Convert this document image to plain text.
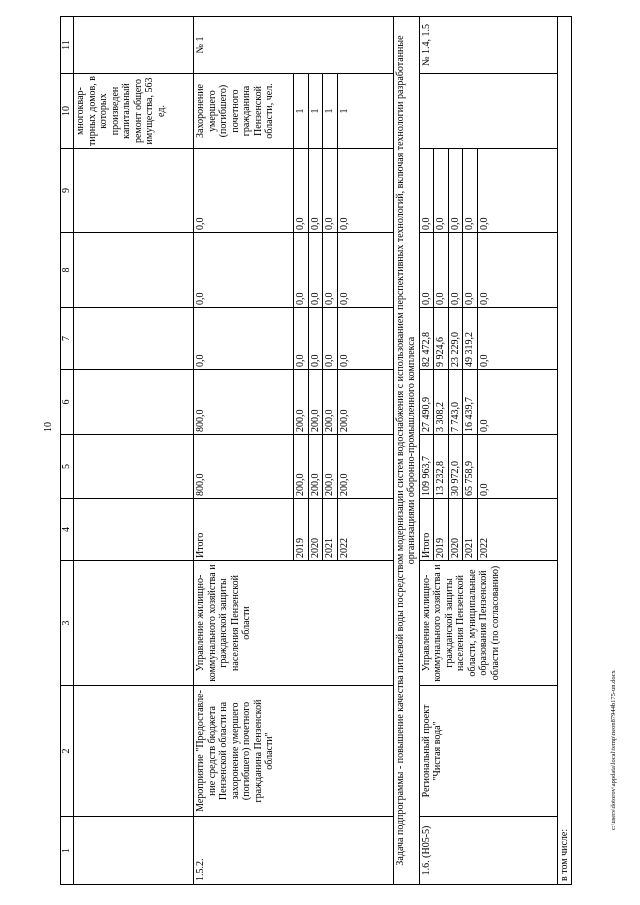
10
c:\users\dotorov\appdata\local\temp\neon87944b175-un.docx
1	2	3	4	5	6	7	8	9	10	11
									многоквар-тирных домов, в которых произведен капитальный ремонт общего имущества, 563 ед.	
1.5.2.	Мероприятие "Предоставле-ние средств бюджета Пензенской области на захоронение умершего (погибшего) почетного гражданина Пензенской области"	Управление жилищно-коммунального хозяйства и гражданской защиты населения Пензенской области	Итого	800,0	800,0	0,0	0,0	0,0	Захоронение умершего (погибшего) почетного гражданина Пензенской области, чел.	№ 1
			2019	200,0	200,0	0,0	0,0	0,0	1	
			2020	200,0	200,0	0,0	0,0	0,0	1	
			2021	200,0	200,0	0,0	0,0	0,0	1	
			2022	200,0	200,0	0,0	0,0	0,0	1	
Задача подпрограммы - повышение качества питьевой воды посредством модернизации систем водоснабжения с использованием перспективных технологий, включая технологии разработанные организациями оборонно-промышленного комплекса										
1.6. (Н05-5)	Региональный проект "Чистая вода"	Управление жилищно-коммунального хозяйства и гражданской защиты населения Пензенской области, муниципальные образования Пензенской области (по согласованию)	Итого	109 963,7	27 490,9	82 472,8	0,0	0,0		№ 1.4, 1.5
			2019	13 232,8	3 308,2	9 924,6	0,0	0,0		
			2020	30 972,0	7 743,0	23 229,0	0,0	0,0		
			2021	65 758,9	16 439,7	49 319,2	0,0	0,0		
			2022	0,0	0,0	0,0	0,0	0,0		
в том числе:										
